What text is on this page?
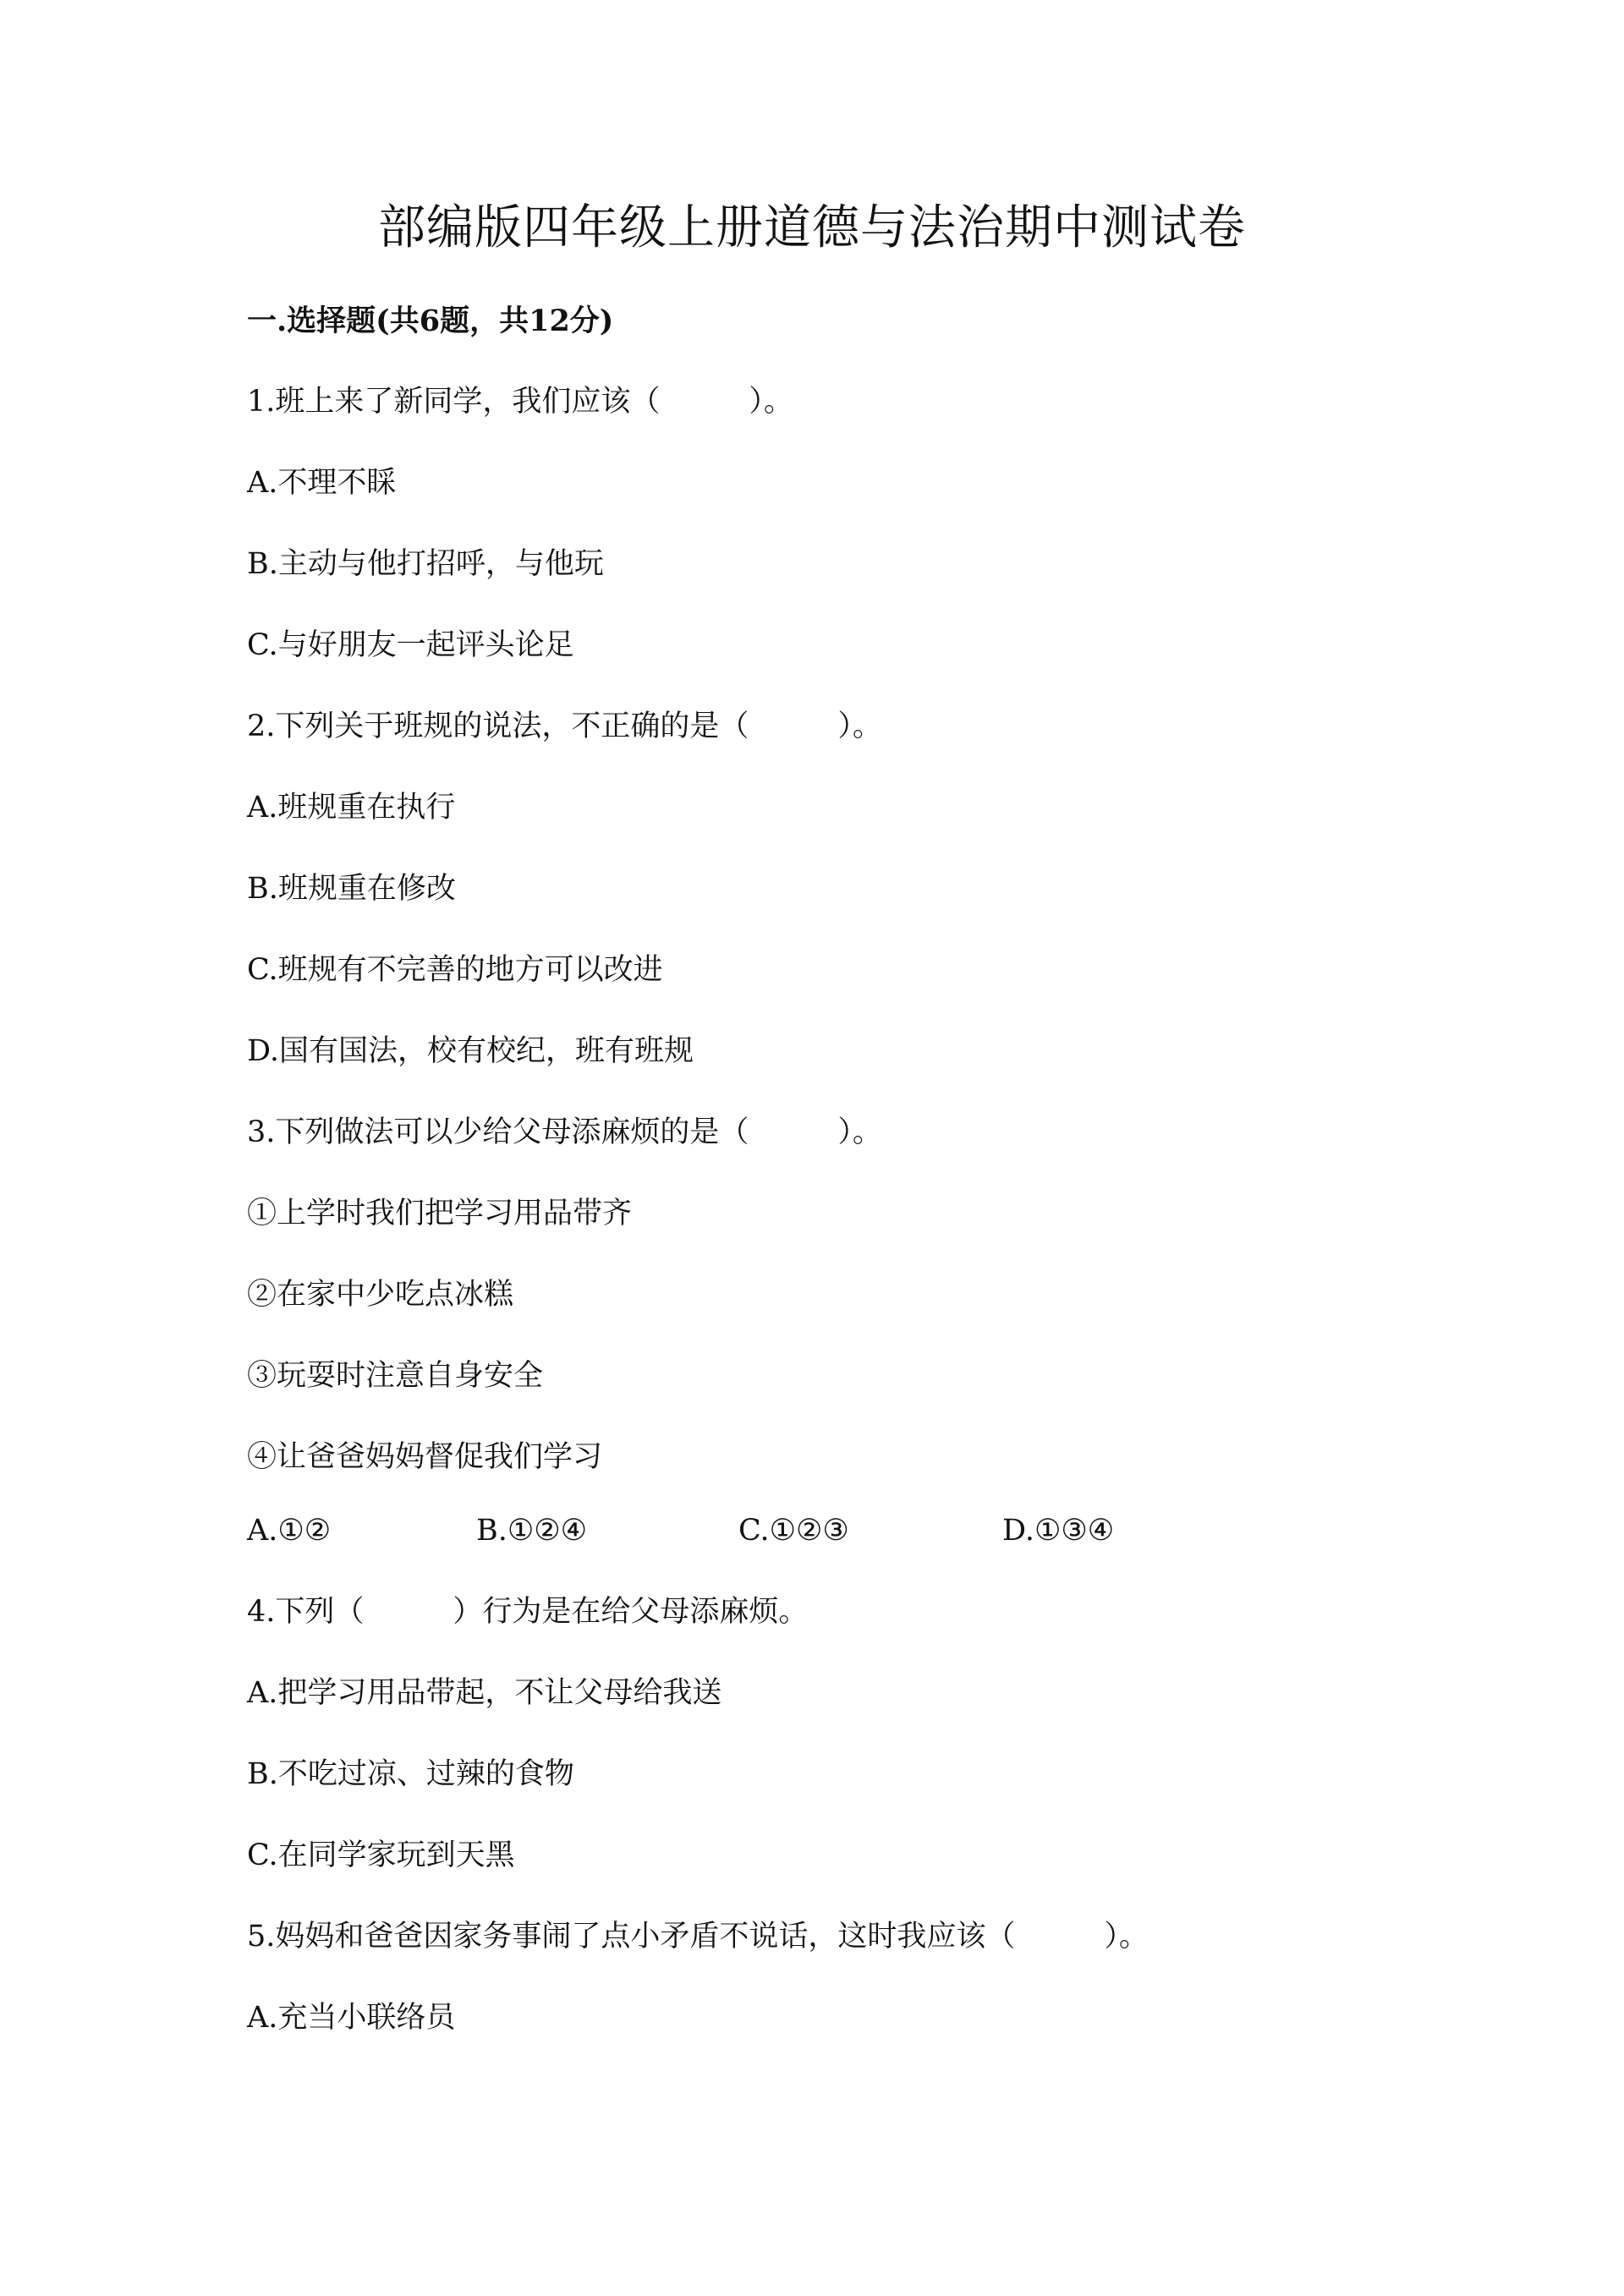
部编版四年级上册道德与法治期中测试卷
一.选择题(共6题，共12分)
1.班上来了新同学，我们应该（　　　）。
A.不理不睬
B.主动与他打招呼，与他玩
C.与好朋友一起评头论足
2.下列关于班规的说法，不正确的是（　　　）。
A.班规重在执行
B.班规重在修改
C.班规有不完善的地方可以改进
D.国有国法，校有校纪，班有班规
3.下列做法可以少给父母添麻烦的是（　　　）。
①上学时我们把学习用品带齐
②在家中少吃点冰糕
③玩耍时注意自身安全
④让爸爸妈妈督促我们学习
A.①②	B.①②④	C.①②③	D.①③④
4.下列（　　　）行为是在给父母添麻烦。
A.把学习用品带起，不让父母给我送
B.不吃过凉、过辣的食物
C.在同学家玩到天黑
5.妈妈和爸爸因家务事闹了点小矛盾不说话，这时我应该（　　　）。
A.充当小联络员
